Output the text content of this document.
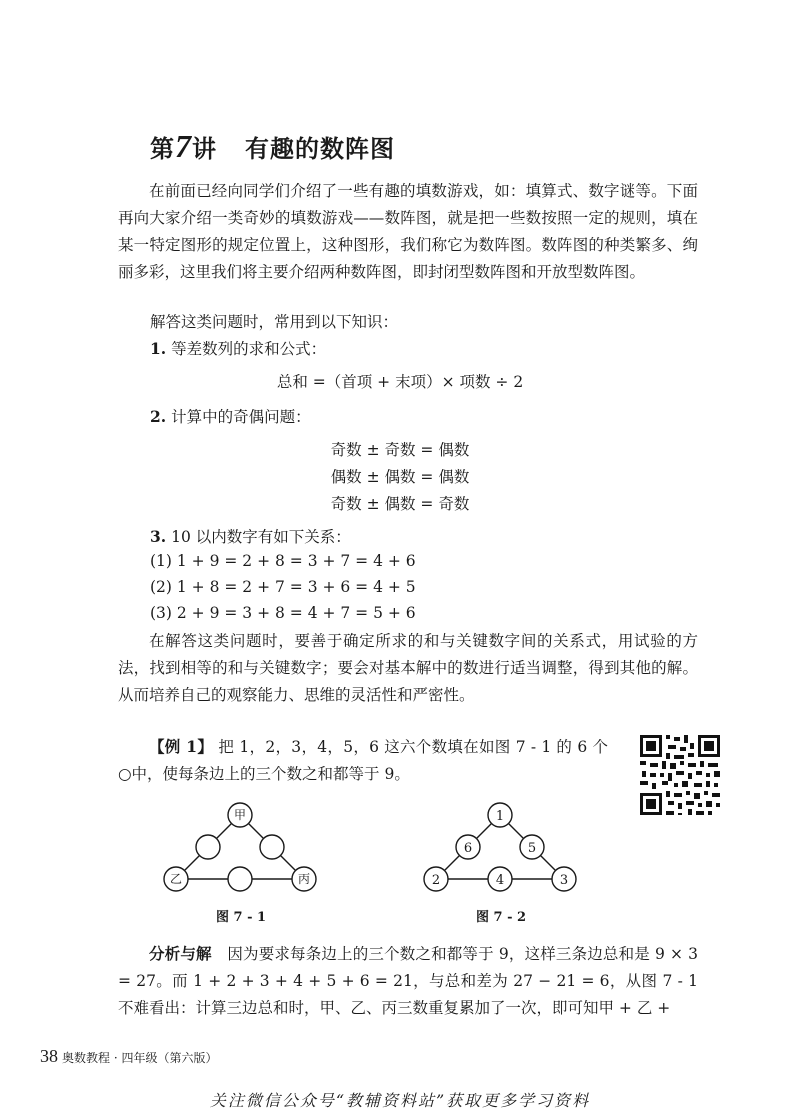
第7讲 有趣的数阵图
在前面已经向同学们介绍了一些有趣的填数游戏，如：填算式、数字谜等。下面再向大家介绍一类奇妙的填数游戏——数阵图，就是把一些数按照一定的规则，填在某一特定图形的规定位置上，这种图形，我们称它为数阵图。数阵图的种类繁多、绚丽多彩，这里我们将主要介绍两种数阵图，即封闭型数阵图和开放型数阵图。
解答这类问题时，常用到以下知识：
1. 等差数列的求和公式：
总和 =（首项 + 末项）× 项数 ÷ 2
2. 计算中的奇偶问题：
奇数 ± 奇数 = 偶数
偶数 ± 偶数 = 偶数
奇数 ± 偶数 = 奇数
3. 10 以内数字有如下关系：
(1) 1 + 9 = 2 + 8 = 3 + 7 = 4 + 6
(2) 1 + 8 = 2 + 7 = 3 + 6 = 4 + 5
(3) 2 + 9 = 3 + 8 = 4 + 7 = 5 + 6
在解答这类问题时，要善于确定所求的和与关键数字间的关系式，用试验的方法，找到相等的和与关键数字；要会对基本解中的数进行适当调整，得到其他的解。从而培养自己的观察能力、思维的灵活性和严密性。
【例 1】 把 1，2，3，4，5，6 这六个数填在如图 7 - 1 的 6 个○中，使每条边上的三个数之和都等于 9。
甲
乙	丙
图 7 - 1
1
6	5
2	4	3
图 7 - 2
分析与解　 因为要求每条边上的三个数之和都等于 9，这样三条边总和是 9 × 3 = 27。而 1 + 2 + 3 + 4 + 5 + 6 = 21，与总和差为 27 − 21 = 6，从图 7 - 1 不难看出：计算三边总和时，甲、乙、丙三数重复累加了一次，即可知甲 + 乙 +
38 奥数教程 · 四年级（第六版）
关注微信公众号“教辅资料站”获取更多学习资料
